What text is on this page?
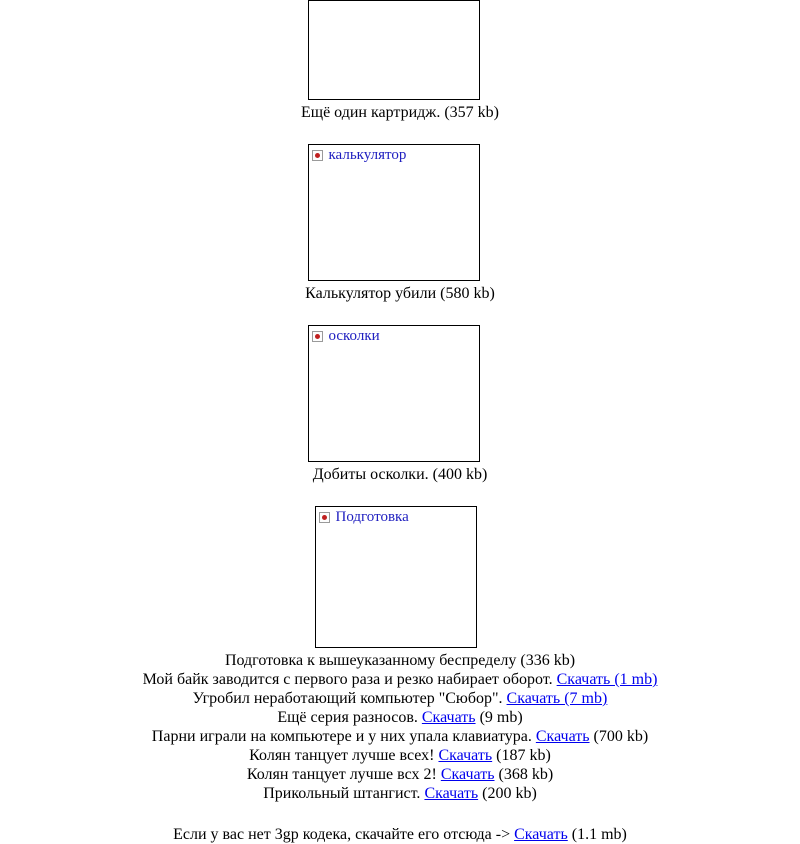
Ещё один картридж. (357 kb)
калькулятор
Калькулятор убили (580 kb)
осколки
Добиты осколки. (400 kb)
Подготовка
Подготовка к вышеуказанному беспределу (336 kb)
Мой байк заводится с первого раза и резко набирает оборот. Скачать (1 mb)
Угробил неработающий компьютер "Сюбор". Скачать (7 mb)
Ещё серия разносов. Скачать (9 mb)
Парни играли на компьютере и у них упала клавиатура. Скачать (700 kb)
Колян танцует лучше всех! Скачать (187 kb)
Колян танцует лучше всх 2! Скачать (368 kb)
Прикольный штангист. Скачать (200 kb)
Если у вас нет 3gp кодека, скачайте его отсюда -> Скачать (1.1 mb)
